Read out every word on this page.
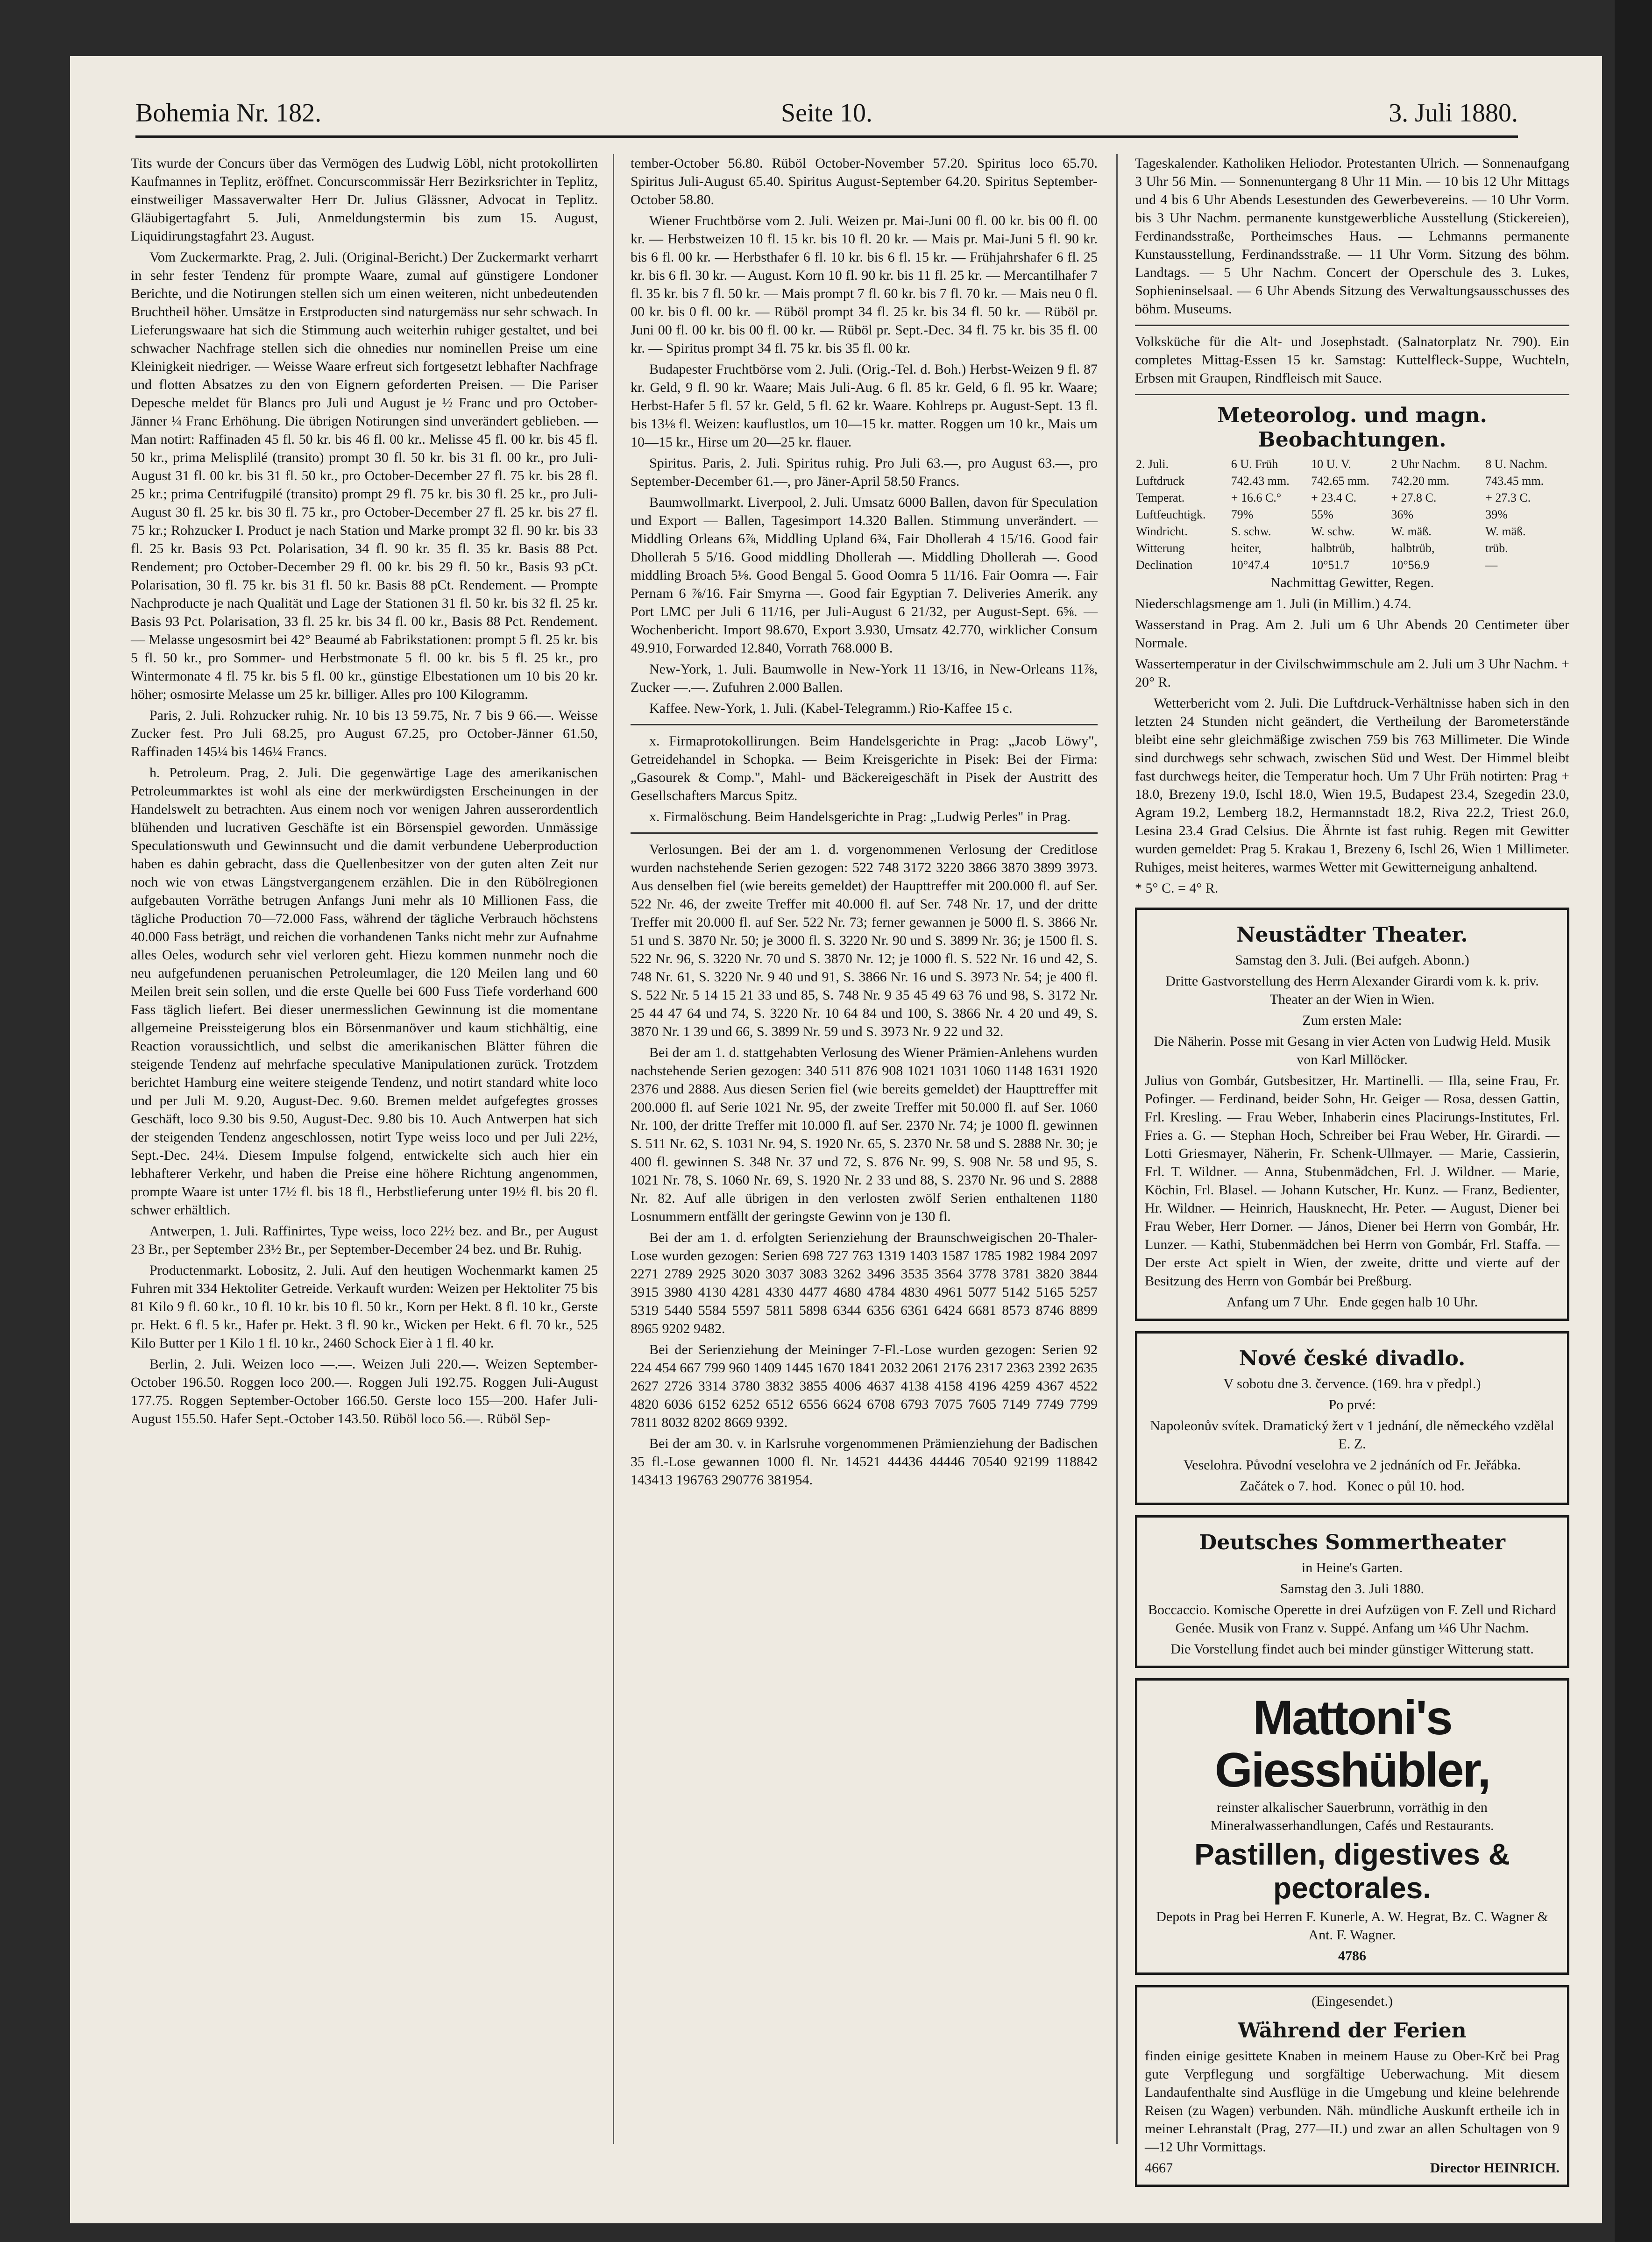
Bohemia Nr. 182.	Seite 10.	3. Juli 1880.

Tits wurde der Concurs über das Vermögen des Ludwig Löbl, nicht protokollirten Kaufmannes in Teplitz, eröffnet. Concurscommissär Herr Bezirksrichter in Teplitz, einstweiliger Massaverwalter Herr Dr. Julius Glässner, Advocat in Teplitz. Gläubigertagfahrt 5. Juli, Anmeldungstermin bis zum 15. August, Liquidirungstagfahrt 23. August.

Vom Zuckermarkte. Prag, 2. Juli. (Original-Bericht.) Der Zuckermarkt verharrt in sehr fester Tendenz für prompte Waare, zumal auf günstigere Londoner Berichte, und die Notirungen stellen sich um einen weiteren, nicht unbedeutenden Bruchtheil höher. Umsätze in Erstproducten sind naturgemäss nur sehr schwach. In Lieferungswaare hat sich die Stimmung auch weiterhin ruhiger gestaltet, und bei schwacher Nachfrage stellen sich die ohnedies nur nominellen Preise um eine Kleinigkeit niedriger. — Weisse Waare erfreut sich fortgesetzt lebhafter Nachfrage und flotten Absatzes zu den von Eignern geforderten Preisen. — Die Pariser Depesche meldet für Blancs pro Juli und August je ½ Franc und pro October-Jänner ¼ Franc Erhöhung. Die übrigen Notirungen sind unverändert geblieben. — Man notirt: Raffinaden 45 fl. 50 kr. bis 46 fl. 00 kr.. Melisse 45 fl. 00 kr. bis 45 fl. 50 kr., prima Melisplilé (transito) prompt 30 fl. 50 kr. bis 31 fl. 00 kr., pro Juli-August 31 fl. 00 kr. bis 31 fl. 50 kr., pro October-December 27 fl. 75 kr. bis 28 fl. 25 kr.; prima Centrifugpilé (transito) prompt 29 fl. 75 kr. bis 30 fl. 25 kr., pro Juli-August 30 fl. 25 kr. bis 30 fl. 75 kr., pro October-December 27 fl. 25 kr. bis 27 fl. 75 kr.; Rohzucker I. Product je nach Station und Marke prompt 32 fl. 90 kr. bis 33 fl. 25 kr. Basis 93 Pct. Polarisation, 34 fl. 90 kr. 35 fl. 35 kr. Basis 88 Pct. Rendement; pro October-December 29 fl. 00 kr. bis 29 fl. 50 kr., Basis 93 pCt. Polarisation, 30 fl. 75 kr. bis 31 fl. 50 kr. Basis 88 pCt. Rendement. — Prompte Nachproducte je nach Qualität und Lage der Stationen 31 fl. 50 kr. bis 32 fl. 25 kr. Basis 93 Pct. Polarisation, 33 fl. 25 kr. bis 34 fl. 00 kr., Basis 88 Pct. Rendement. — Melasse ungesosmirt bei 42° Beaumé ab Fabrikstationen: prompt 5 fl. 25 kr. bis 5 fl. 50 kr., pro Sommer- und Herbstmonate 5 fl. 00 kr. bis 5 fl. 25 kr., pro Wintermonate 4 fl. 75 kr. bis 5 fl. 00 kr., günstige Elbestationen um 10 bis 20 kr. höher; osmosirte Melasse um 25 kr. billiger. Alles pro 100 Kilogramm.

Paris, 2. Juli. Rohzucker ruhig. Nr. 10 bis 13 59.75, Nr. 7 bis 9 66.—. Weisse Zucker fest. Pro Juli 68.25, pro August 67.25, pro October-Jänner 61.50, Raffinaden 145¼ bis 146¼ Francs.

h. Petroleum. Prag, 2. Juli. Die gegenwärtige Lage des amerikanischen Petroleummarktes ist wohl als eine der merkwürdigsten Erscheinungen in der Handelswelt zu betrachten. Aus einem noch vor wenigen Jahren ausserordentlich blühenden und lucrativen Geschäfte ist ein Börsenspiel geworden. Unmässige Speculationswuth und Gewinnsucht und die damit verbundene Ueberproduction haben es dahin gebracht, dass die Quellenbesitzer von der guten alten Zeit nur noch wie von etwas Längstvergangenem erzählen. Die in den Rübölregionen aufgebauten Vorräthe betrugen Anfangs Juni mehr als 10 Millionen Fass, die tägliche Production 70—72.000 Fass, während der tägliche Verbrauch höchstens 40.000 Fass beträgt, und reichen die vorhandenen Tanks nicht mehr zur Aufnahme alles Oeles, wodurch sehr viel verloren geht. Hiezu kommen nunmehr noch die neu aufgefundenen peruanischen Petroleumlager, die 120 Meilen lang und 60 Meilen breit sein sollen, und die erste Quelle bei 600 Fuss Tiefe vorderhand 600 Fass täglich liefert. Bei dieser unermesslichen Gewinnung ist die momentane allgemeine Preissteigerung blos ein Börsenmanöver und kaum stichhältig, eine Reaction voraussichtlich, und selbst die amerikanischen Blätter führen die steigende Tendenz auf mehrfache speculative Manipulationen zurück. Trotzdem berichtet Hamburg eine weitere steigende Tendenz, und notirt standard white loco und per Juli M. 9.20, August-Dec. 9.60. Bremen meldet aufgefegtes grosses Geschäft, loco 9.30 bis 9.50, August-Dec. 9.80 bis 10. Auch Antwerpen hat sich der steigenden Tendenz angeschlossen, notirt Type weiss loco und per Juli 22½, Sept.-Dec. 24¼. Diesem Impulse folgend, entwickelte sich auch hier ein lebhafterer Verkehr, und haben die Preise eine höhere Richtung angenommen, prompte Waare ist unter 17½ fl. bis 18 fl., Herbstlieferung unter 19½ fl. bis 20 fl. schwer erhältlich.

Antwerpen, 1. Juli. Raffinirtes, Type weiss, loco 22½ bez. and Br., per August 23 Br., per September 23½ Br., per September-December 24 bez. und Br. Ruhig.

Productenmarkt. Lobositz, 2. Juli. Auf den heutigen Wochenmarkt kamen 25 Fuhren mit 334 Hektoliter Getreide. Verkauft wurden: Weizen per Hektoliter 75 bis 81 Kilo 9 fl. 60 kr., 10 fl. 10 kr. bis 10 fl. 50 kr., Korn per Hekt. 8 fl. 10 kr., Gerste pr. Hekt. 6 fl. 5 kr., Hafer pr. Hekt. 3 fl. 90 kr., Wicken per Hekt. 6 fl. 70 kr., 525 Kilo Butter per 1 Kilo 1 fl. 10 kr., 2460 Schock Eier à 1 fl. 40 kr.

Berlin, 2. Juli. Weizen loco —.—. Weizen Juli 220.—. Weizen September-October 196.50. Roggen loco 200.—. Roggen Juli 192.75. Roggen Juli-August 177.75. Roggen September-October 166.50. Gerste loco 155—200. Hafer Juli-August 155.50. Hafer Sept.-October 143.50. Rüböl loco 56.—. Rüböl Sep-

tember-October 56.80. Rüböl October-November 57.20. Spiritus loco 65.70. Spiritus Juli-August 65.40. Spiritus August-September 64.20. Spiritus September-October 58.80.

Wiener Fruchtbörse vom 2. Juli. Weizen pr. Mai-Juni 00 fl. 00 kr. bis 00 fl. 00 kr. — Herbstweizen 10 fl. 15 kr. bis 10 fl. 20 kr. — Mais pr. Mai-Juni 5 fl. 90 kr. bis 6 fl. 00 kr. — Herbsthafer 6 fl. 10 kr. bis 6 fl. 15 kr. — Frühjahrshafer 6 fl. 25 kr. bis 6 fl. 30 kr. — August. Korn 10 fl. 90 kr. bis 11 fl. 25 kr. — Mercantilhafer 7 fl. 35 kr. bis 7 fl. 50 kr. — Mais prompt 7 fl. 60 kr. bis 7 fl. 70 kr. — Mais neu 0 fl. 00 kr. bis 0 fl. 00 kr. — Rüböl prompt 34 fl. 25 kr. bis 34 fl. 50 kr. — Rüböl pr. Juni 00 fl. 00 kr. bis 00 fl. 00 kr. — Rüböl pr. Sept.-Dec. 34 fl. 75 kr. bis 35 fl. 00 kr. — Spiritus prompt 34 fl. 75 kr. bis 35 fl. 00 kr.

Budapester Fruchtbörse vom 2. Juli. (Orig.-Tel. d. Boh.) Herbst-Weizen 9 fl. 87 kr. Geld, 9 fl. 90 kr. Waare; Mais Juli-Aug. 6 fl. 85 kr. Geld, 6 fl. 95 kr. Waare; Herbst-Hafer 5 fl. 57 kr. Geld, 5 fl. 62 kr. Waare. Kohlreps pr. August-Sept. 13 fl. bis 13⅛ fl. Weizen: kauflustlos, um 10—15 kr. matter. Roggen um 10 kr., Mais um 10—15 kr., Hirse um 20—25 kr. flauer.

Spiritus. Paris, 2. Juli. Spiritus ruhig. Pro Juli 63.—, pro August 63.—, pro September-December 61.—, pro Jäner-April 58.50 Francs.

Baumwollmarkt. Liverpool, 2. Juli. Umsatz 6000 Ballen, davon für Speculation und Export — Ballen, Tagesimport 14.320 Ballen. Stimmung unverändert. — Middling Orleans 6⅞, Middling Upland 6¾, Fair Dhollerah 4 15/16. Good fair Dhollerah 5 5/16. Good middling Dhollerah —. Middling Dhollerah —. Good middling Broach 5⅛. Good Bengal 5. Good Oomra 5 11/16. Fair Oomra —. Fair Pernam 6 ⅞/16. Fair Smyrna —. Good fair Egyptian 7. Deliveries Amerik. any Port LMC per Juli 6 11/16, per Juli-August 6 21/32, per August-Sept. 6⅝. — Wochenbericht. Import 98.670, Export 3.930, Umsatz 42.770, wirklicher Consum 49.910, Forwarded 12.840, Vorrath 768.000 B.

New-York, 1. Juli. Baumwolle in New-York 11 13/16, in New-Orleans 11⅞, Zucker —.—. Zufuhren 2.000 Ballen.

Kaffee. New-York, 1. Juli. (Kabel-Telegramm.) Rio-Kaffee 15 c.

x. Firmaprotokollirungen. Beim Handelsgerichte in Prag: „Jacob Löwy", Getreidehandel in Schopka. — Beim Kreisgerichte in Pisek: Bei der Firma: „Gasourek & Comp.", Mahl- und Bäckereigeschäft in Pisek der Austritt des Gesellschafters Marcus Spitz.

x. Firmalöschung. Beim Handelsgerichte in Prag: „Ludwig Perles" in Prag.

Verlosungen. Bei der am 1. d. vorgenommenen Verlosung der Creditlose wurden nachstehende Serien gezogen: 522 748 3172 3220 3866 3870 3899 3973. Aus denselben fiel (wie bereits gemeldet) der Haupttreffer mit 200.000 fl. auf Ser. 522 Nr. 46, der zweite Treffer mit 40.000 fl. auf Ser. 748 Nr. 17, und der dritte Treffer mit 20.000 fl. auf Ser. 522 Nr. 73; ferner gewannen je 5000 fl. S. 3866 Nr. 51 und S. 3870 Nr. 50; je 3000 fl. S. 3220 Nr. 90 und S. 3899 Nr. 36; je 1500 fl. S. 522 Nr. 96, S. 3220 Nr. 70 und S. 3870 Nr. 12; je 1000 fl. S. 522 Nr. 16 und 42, S. 748 Nr. 61, S. 3220 Nr. 9 40 und 91, S. 3866 Nr. 16 und S. 3973 Nr. 54; je 400 fl. S. 522 Nr. 5 14 15 21 33 und 85, S. 748 Nr. 9 35 45 49 63 76 und 98, S. 3172 Nr. 25 44 47 64 und 74, S. 3220 Nr. 10 64 84 und 100, S. 3866 Nr. 4 20 und 49, S. 3870 Nr. 1 39 und 66, S. 3899 Nr. 59 und S. 3973 Nr. 9 22 und 32.

Bei der am 1. d. stattgehabten Verlosung des Wiener Prämien-Anlehens wurden nachstehende Serien gezogen: 340 511 876 908 1021 1031 1060 1148 1631 1920 2376 und 2888. Aus diesen Serien fiel (wie bereits gemeldet) der Haupttreffer mit 200.000 fl. auf Serie 1021 Nr. 95, der zweite Treffer mit 50.000 fl. auf Ser. 1060 Nr. 100, der dritte Treffer mit 10.000 fl. auf Ser. 2370 Nr. 74; je 1000 fl. gewinnen S. 511 Nr. 62, S. 1031 Nr. 94, S. 1920 Nr. 65, S. 2370 Nr. 58 und S. 2888 Nr. 30; je 400 fl. gewinnen S. 348 Nr. 37 und 72, S. 876 Nr. 99, S. 908 Nr. 58 und 95, S. 1021 Nr. 78, S. 1060 Nr. 69, S. 1920 Nr. 2 33 und 88, S. 2370 Nr. 96 und S. 2888 Nr. 82. Auf alle übrigen in den verlosten zwölf Serien enthaltenen 1180 Losnummern entfällt der geringste Gewinn von je 130 fl.

Bei der am 1. d. erfolgten Serienziehung der Braunschweigischen 20-Thaler-Lose wurden gezogen: Serien 698 727 763 1319 1403 1587 1785 1982 1984 2097 2271 2789 2925 3020 3037 3083 3262 3496 3535 3564 3778 3781 3820 3844 3915 3980 4130 4281 4330 4477 4680 4784 4830 4961 5077 5142 5165 5257 5319 5440 5584 5597 5811 5898 6344 6356 6361 6424 6681 8573 8746 8899 8965 9202 9482.

Bei der Serienziehung der Meininger 7-Fl.-Lose wurden gezogen: Serien 92 224 454 667 799 960 1409 1445 1670 1841 2032 2061 2176 2317 2363 2392 2635 2627 2726 3314 3780 3832 3855 4006 4637 4138 4158 4196 4259 4367 4522 4820 6036 6152 6252 6512 6556 6624 6708 6793 7075 7605 7149 7749 7799 7811 8032 8202 8669 9392.

Bei der am 30. v. in Karlsruhe vorgenommenen Prämienziehung der Badischen 35 fl.-Lose gewannen 1000 fl. Nr. 14521 44436 44446 70540 92199 118842 143413 196763 290776 381954.

Tageskalender. Katholiken Heliodor. Protestanten Ulrich. — Sonnenaufgang 3 Uhr 56 Min. — Sonnenuntergang 8 Uhr 11 Min. — 10 bis 12 Uhr Mittags und 4 bis 6 Uhr Abends Lesestunden des Gewerbevereins. — 10 Uhr Vorm. bis 3 Uhr Nachm. permanente kunstgewerbliche Ausstellung (Stickereien), Ferdinandsstraße, Portheimsches Haus. — Lehmanns permanente Kunstausstellung, Ferdinandsstraße. — 11 Uhr Vorm. Sitzung des böhm. Landtags. — 5 Uhr Nachm. Concert der Operschule des 3. Lukes, Sophieninselsaal. — 6 Uhr Abends Sitzung des Verwaltungsausschusses des böhm. Museums.

Volksküche für die Alt- und Josephstadt. (Salnatorplatz Nr. 790). Ein completes Mittag-Essen 15 kr. Samstag: Kuttelfleck-Suppe, Wuchteln, Erbsen mit Graupen, Rindfleisch mit Sauce.

Meteorolog. und magn. Beobachtungen.
2. Juli.	6 U. Früh	10 U. V.	2 Uhr Nachm.	8 U. Nachm.
Luftdruck	742.43 mm.	742.65 mm.	742.20 mm.	743.45 mm.
Temperat.	+ 16.6 C.°	+ 23.4 C.	+ 27.8 C.	+ 27.3 C.
Luftfeuchtigk.	79%	55%	36%	39%
Windricht.	S. schw.	W. schw.	W. mäß.	W. mäß.
Witterung	heiter,	halbtrüb,	halbtrüb,	trüb.
Declination	10°47.4	10°51.7	10°56.9	—

Nachmittag Gewitter, Regen.

Niederschlagsmenge am 1. Juli (in Millim.) 4.74.

Wasserstand in Prag. Am 2. Juli um 6 Uhr Abends 20 Centimeter über Normale.

Wassertemperatur in der Civilschwimmschule am 2. Juli um 3 Uhr Nachm. + 20° R.

Wetterbericht vom 2. Juli. Die Luftdruck-Verhältnisse haben sich in den letzten 24 Stunden nicht geändert, die Vertheilung der Barometerstände bleibt eine sehr gleichmäßige zwischen 759 bis 763 Millimeter. Die Winde sind durchwegs sehr schwach, zwischen Süd und West. Der Himmel bleibt fast durchwegs heiter, die Temperatur hoch. Um 7 Uhr Früh notirten: Prag + 18.0, Brezeny 19.0, Ischl 18.0, Wien 19.5, Budapest 23.4, Szegedin 23.0, Agram 19.2, Lemberg 18.2, Hermannstadt 18.2, Riva 22.2, Triest 26.0, Lesina 23.4 Grad Celsius. Die Ährnte ist fast ruhig. Regen mit Gewitter wurden gemeldet: Prag 5. Krakau 1, Brezeny 6, Ischl 26, Wien 1 Millimeter. Ruhiges, meist heiteres, warmes Wetter mit Gewitterneigung anhaltend.

* 5° C. = 4° R.

Neustädter Theater.

Samstag den 3. Juli. (Bei aufgeh. Abonn.)

Dritte Gastvorstellung des Herrn Alexander Girardi vom k. k. priv. Theater an der Wien in Wien.

Zum ersten Male:

Die Näherin. Posse mit Gesang in vier Acten von Ludwig Held. Musik von Karl Millöcker.

Julius von Gombár, Gutsbesitzer, Hr. Martinelli. — Illa, seine Frau, Fr. Pofinger. — Ferdinand, beider Sohn, Hr. Geiger — Rosa, dessen Gattin, Frl. Kresling. — Frau Weber, Inhaberin eines Placirungs-Institutes, Frl. Fries a. G. — Stephan Hoch, Schreiber bei Frau Weber, Hr. Girardi. — Lotti Griesmayer, Näherin, Fr. Schenk-Ullmayer. — Marie, Cassierin, Frl. T. Wildner. — Anna, Stubenmädchen, Frl. J. Wildner. — Marie, Köchin, Frl. Blasel. — Johann Kutscher, Hr. Kunz. — Franz, Bedienter, Hr. Wildner. — Heinrich, Hausknecht, Hr. Peter. — August, Diener bei Frau Weber, Herr Dorner. — János, Diener bei Herrn von Gombár, Hr. Lunzer. — Kathi, Stubenmädchen bei Herrn von Gombár, Frl. Staffa. — Der erste Act spielt in Wien, der zweite, dritte und vierte auf der Besitzung des Herrn von Gombár bei Preßburg.

Anfang um 7 Uhr. Ende gegen halb 10 Uhr.

Nové české divadlo.

V sobotu dne 3. července. (169. hra v předpl.)

Po prvé:

Napoleonův svítek. Dramatický žert v 1 jednání, dle německého vzdělal E. Z.

Veselohra. Původní veselohra ve 2 jednáních od Fr. Jeřábka.

Začátek o 7. hod. Konec o půl 10. hod.

Deutsches Sommertheater

in Heine's Garten.

Samstag den 3. Juli 1880.

Boccaccio. Komische Operette in drei Aufzügen von F. Zell und Richard Genée. Musik von Franz v. Suppé. Anfang um ¼6 Uhr Nachm.

Die Vorstellung findet auch bei minder günstiger Witterung statt.

Mattoni's Giesshübler,

reinster alkalischer Sauerbrunn, vorräthig in den Mineralwasserhandlungen, Cafés und Restaurants.

Pastillen, digestives & pectorales.

Depots in Prag bei Herren F. Kunerle, A. W. Hegrat, Bz. C. Wagner & Ant. F. Wagner.

4786

(Eingesendet.)

Während der Ferien

finden einige gesittete Knaben in meinem Hause zu Ober-Krč bei Prag gute Verpflegung und sorgfältige Ueberwachung. Mit diesem Landaufenthalte sind Ausflüge in die Umgebung und kleine belehrende Reisen (zu Wagen) verbunden. Näh. mündliche Auskunft ertheile ich in meiner Lehranstalt (Prag, 277—II.) und zwar an allen Schultagen von 9—12 Uhr Vormittags.

4667	Director HEINRICH.
